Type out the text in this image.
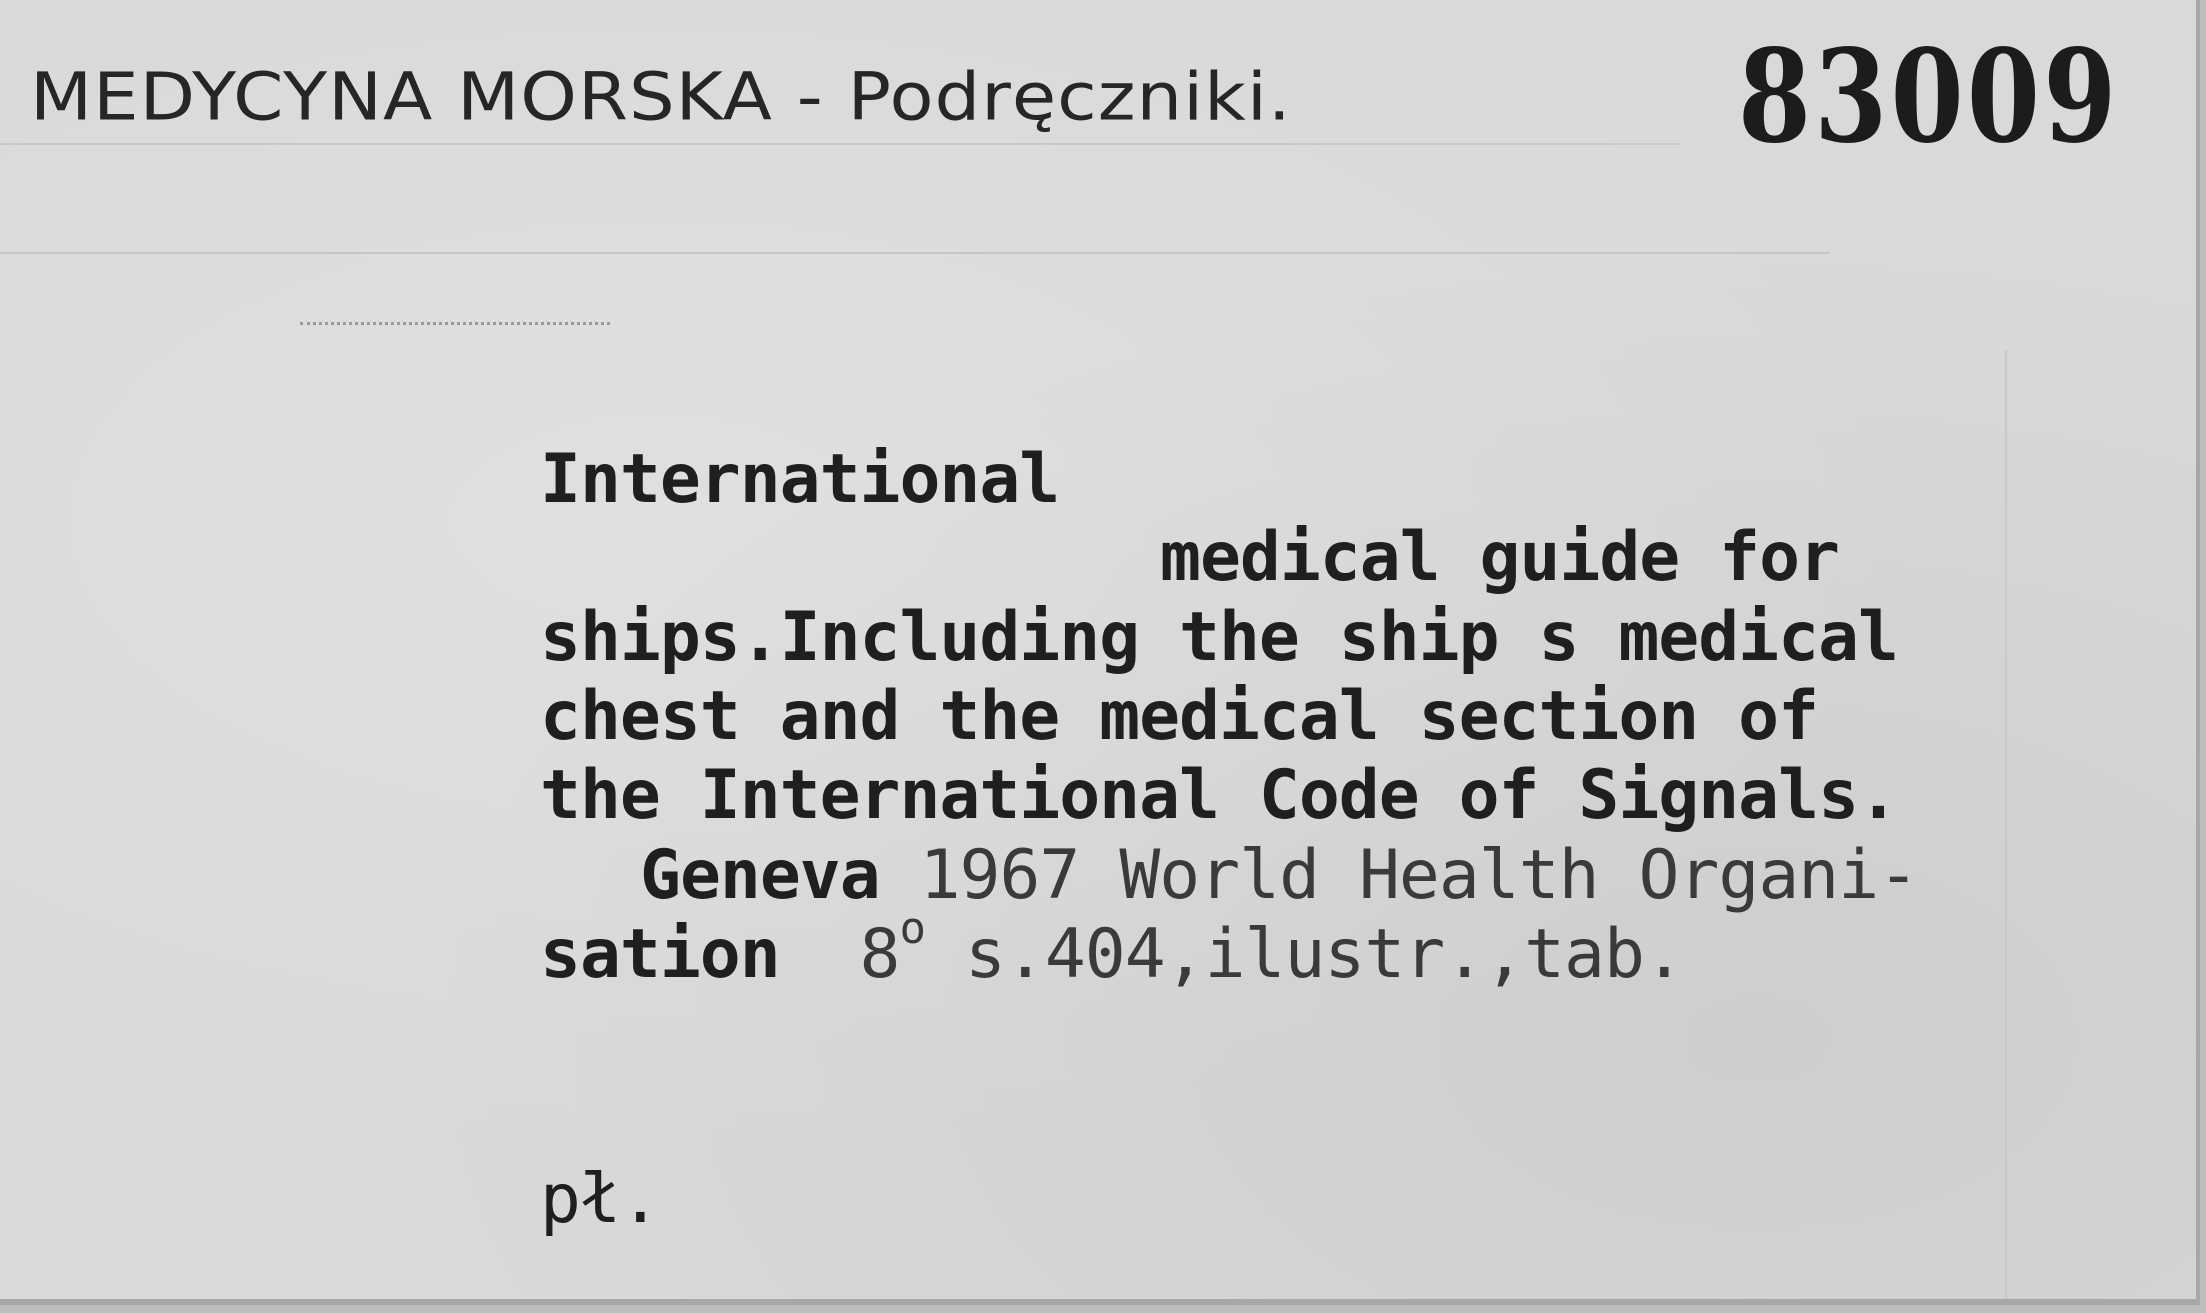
MEDYCYNA MORSKA - Podręczniki.	83009
International
medical guide for
ships.Including the ship s medical
chest and the medical section of
the International Code of Signals.
Geneva 1967 World Health Organi-
sation 8$^o$ s.404,ilustr.,tab.
pł.
